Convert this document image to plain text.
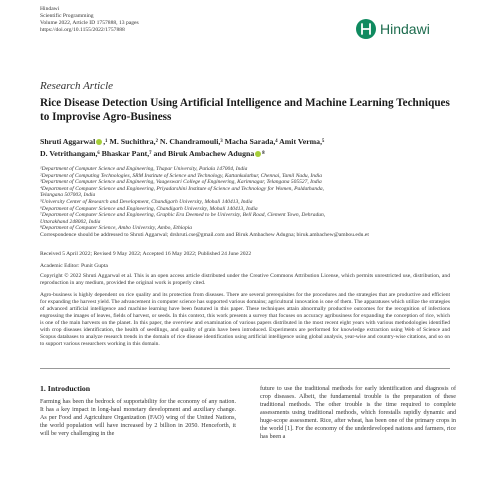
Hindawi
Scientific Programming
Volume 2022, Article ID 1757888, 13 pages
https://doi.org/10.1155/2022/1757888	Hindawi
Research Article
Rice Disease Detection Using Artificial Intelligence and Machine Learning Techniques to Improvise Agro-Business
Shruti Aggarwal ,¹ M. Suchithra,² N. Chandramouli,³ Macha Sarada,⁴ Amit Verma,⁵
D. Vetrithangam,⁶ Bhaskar Pant,⁷ and Biruk Ambachew Adugna ⁸
¹Department of Computer Science and Engineering, Thapar University, Patiala 147004, India
²Department of Computing Technologies, SRM Institute of Science and Technology, Kattankulathur, Chennai, Tamil Nadu, India
³Department of Computer Science and Engineering, Vaageswari College of Engineering, Karimnagar, Telangana 505527, India
⁴Department of Computer Science and Engineering, Priyadarshini Institute of Science and Technology for Women, Paldathanda,
Telangana 507003, India
⁵University Center of Research and Development, Chandigarh University, Mohali 140413, India
⁶Department of Computer Science and Engineering, Chandigarh University, Mohali 140413, India
⁷Department of Computer Science and Engineering, Graphic Era Deemed to be University, Bell Road, Clement Town, Dehradun,
Uttarakhand 248002, India
⁸Department of Computer Science, Ambo University, Ambo, Ethiopia
Correspondence should be addressed to Shruti Aggarwal; drshruti.cse@gmail.com and Biruk Ambachew Adugna; biruk.ambachew@ambou.edu.et
Received 5 April 2022; Revised 9 May 2022; Accepted 16 May 2022; Published 24 June 2022
Academic Editor: Punit Gupta
Copyright © 2022 Shruti Aggarwal et al. This is an open access article distributed under the Creative Commons Attribution License, which permits unrestricted use, distribution, and reproduction in any medium, provided the original work is properly cited.
Agro-business is highly dependent on rice quality and its protection from diseases. There are several prerequisites for the procedures and the strategies that are productive and efficient for expanding the harvest yield. The advancement in computer science has supported various domains; agricultural innovation is one of them. The apparatuses which utilize the strategies of advanced artificial intelligence and machine learning have been featured in this paper. These techniques attain abnormally productive outcomes for the recognition of infections engrossing the images of leaves, fields of harvest, or seeds. In this context, this work presents a survey that focuses on accuracy agribusiness for expanding the conception of rice, which is one of the main harvests on the planet. In this paper, the overview and examination of various papers distributed in the most recent eight years with various methodologies identified with crop diseases identification, the health of seedlings, and quality of grain have been introduced. Experiments are performed for knowledge extraction using Web of Science and Scopus databases to analyze research trends in the domain of rice disease identification using artificial intelligence using global analysis, year-wise and country-wise citations, and so on to support various researchers working in this domain.
1. Introduction
Farming has been the bedrock of supportability for the economy of any nation. It has a key impact in long-haul monetary development and auxiliary change. As per Food and Agriculture Organization (FAO) wing of the United Nations, the world population will have increased by 2 billion in 2050. Henceforth, it will be very challenging in the
future to use the traditional methods for early identification and diagnosis of crop diseases. Albeit, the fundamental trouble is the preparation of these traditional methods. The other trouble is the time required to complete assessments using traditional methods, which forestalls rapidly dynamic and huge-scope assessment. Rice, after wheat, has been one of the primary crops in the world [1]. For the economy of the underdeveloped nations and farmers, rice has been a
